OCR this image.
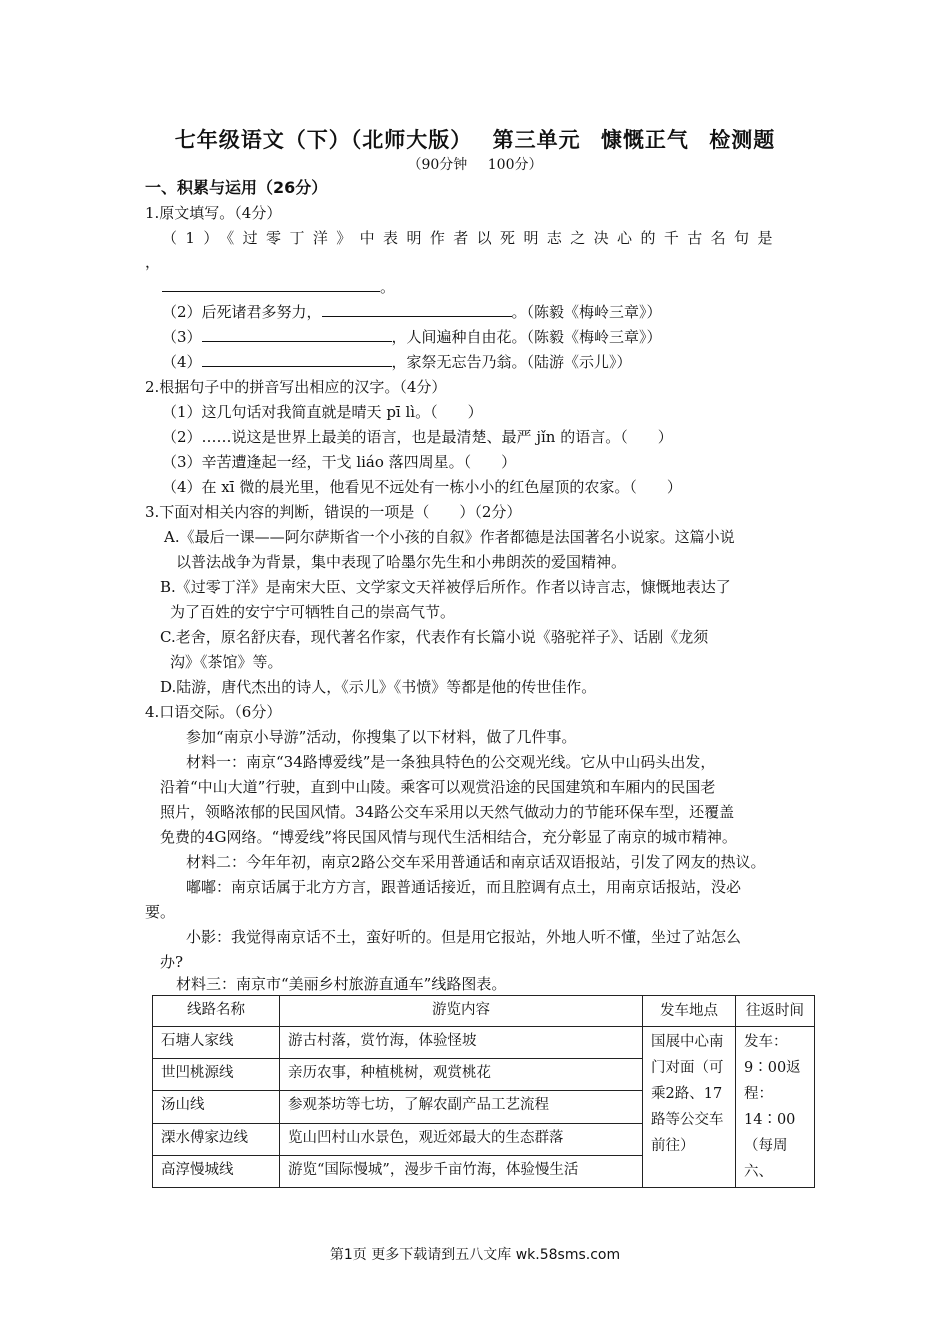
七年级语文（下）（北师大版） 第三单元 慷慨正气 检测题
（90分钟 100分）
一、积累与运用（26分）
1.原文填写。（4分）
（1）《过零丁洋》中表明作者以死明志之决心的千古名句是
，
。
（2）后死诸君多努力，	。（陈毅《梅岭三章》）
（3）	，人间遍种自由花。（陈毅《梅岭三章》）
（4）	，家祭无忘告乃翁。（陆游《示儿》）
2.根据句子中的拼音写出相应的汉字。（4分）
（1）这几句话对我简直就是晴天 pī lì。（　　）
（2）……说这是世界上最美的语言，也是最清楚、最严 jǐn 的语言。（　　）
（3）辛苦遭逢起一经，干戈 liáo 落四周星。（　　）
（4）在 xī 微的晨光里，他看见不远处有一栋小小的红色屋顶的农家。（　　）
3.下面对相关内容的判断，错误的一项是（　　）（2分）
A.《最后一课——阿尔萨斯省一个小孩的自叙》作者都德是法国著名小说家。这篇小说
以普法战争为背景，集中表现了哈墨尔先生和小弗朗茨的爱国精神。
B.《过零丁洋》是南宋大臣、文学家文天祥被俘后所作。作者以诗言志，慷慨地表达了
为了百姓的安宁宁可牺牲自己的崇高气节。
C.老舍，原名舒庆春，现代著名作家，代表作有长篇小说《骆驼祥子》、话剧《龙须
沟》《茶馆》等。
D.陆游，唐代杰出的诗人，《示儿》《书愤》等都是他的传世佳作。
4.口语交际。（6分）
参加“南京小导游”活动，你搜集了以下材料，做了几件事。
材料一：南京“34路博爱线”是一条独具特色的公交观光线。它从中山码头出发，
沿着“中山大道”行驶，直到中山陵。乘客可以观赏沿途的民国建筑和车厢内的民国老
照片，领略浓郁的民国风情。34路公交车采用以天然气做动力的节能环保车型，还覆盖
免费的4G网络。“博爱线”将民国风情与现代生活相结合，充分彰显了南京的城市精神。
材料二：今年年初，南京2路公交车采用普通话和南京话双语报站，引发了网友的热议。
嘟嘟：南京话属于北方方言，跟普通话接近，而且腔调有点土，用南京话报站，没必
要。
小影：我觉得南京话不土，蛮好听的。但是用它报站，外地人听不懂，坐过了站怎么
办?
材料三：南京市“美丽乡村旅游直通车”线路图表。
线路名称	游览内容	发车地点	往返时间
石塘人家线	游古村落，赏竹海，体验怪坡	国展中心南门对面（可乘2路、17路等公交车前往）	发车：9∶00返程：14∶00（每周六、
世凹桃源线	亲历农事，种植桃树，观赏桃花		
汤山线	参观茶坊等七坊，了解农副产品工艺流程		
溧水傅家边线	览山凹村山水景色，观近郊最大的生态群落		
高淳慢城线	游览“国际慢城”，漫步千亩竹海，体验慢生活		
第1页 更多下载请到五八文库 wk.58sms.com
